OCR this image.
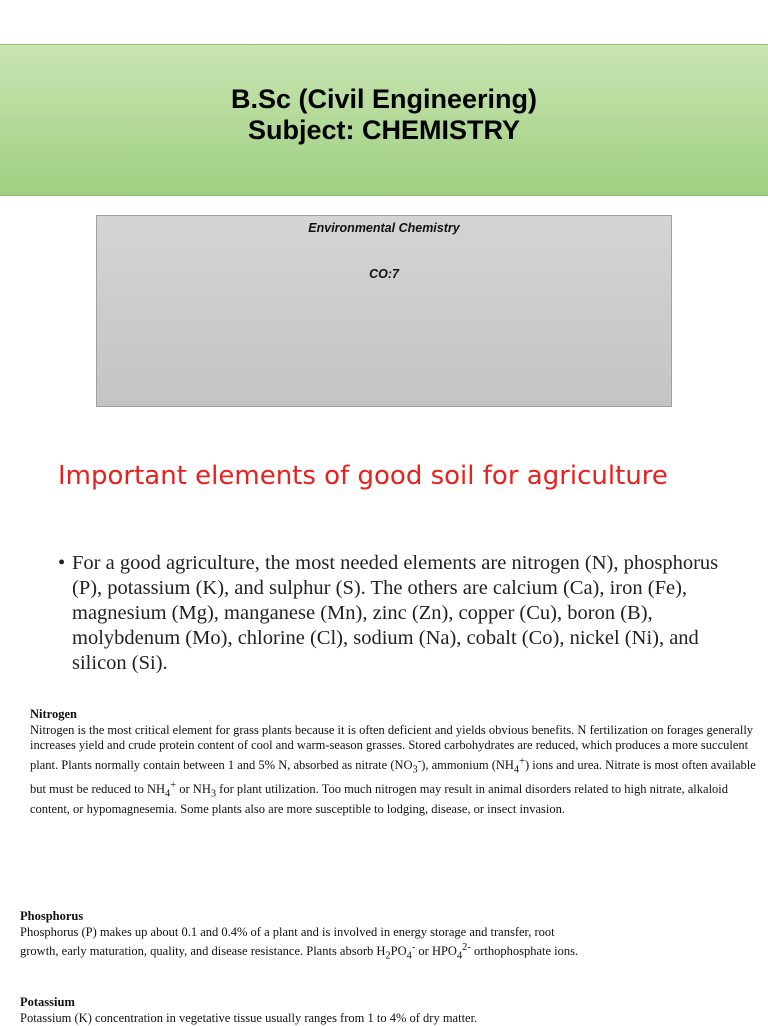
B.Sc (Civil Engineering)
Subject: CHEMISTRY
Environmental Chemistry
CO:7
Important elements of good soil for agriculture
• For a good agriculture, the most needed elements are nitrogen (N), phosphorus (P), potassium (K), and sulphur (S). The others are calcium (Ca), iron (Fe), magnesium (Mg), manganese (Mn), zinc (Zn), copper (Cu), boron (B), molybdenum (Mo), chlorine (Cl), sodium (Na), cobalt (Co), nickel (Ni), and silicon (Si).
Nitrogen
Nitrogen is the most critical element for grass plants because it is often deficient and yields obvious benefits. N fertilization on forages generally increases yield and crude protein content of cool and warm-season grasses. Stored carbohydrates are reduced, which produces a more succulent plant. Plants normally contain between 1 and 5% N, absorbed as nitrate $(NO_3^-)$, ammonium $(NH_4^+)$ ions and urea. Nitrate is most often available but must be reduced to $NH_4^+$ or $NH_3$ for plant utilization. Too much nitrogen may result in animal disorders related to high nitrate, alkaloid content, or hypomagnesemia. Some plants also are more susceptible to lodging, disease, or insect invasion.
Phosphorus
Phosphorus (P) makes up about 0.1 and 0.4% of a plant and is involved in energy storage and transfer, root growth, early maturation, quality, and disease resistance. Plants absorb $H_2PO_4^-$ or $HPO_4^{2-}$ orthophosphate ions.
Potassium
Potassium (K) concentration in vegetative tissue usually ranges from 1 to 4% of dry matter.
